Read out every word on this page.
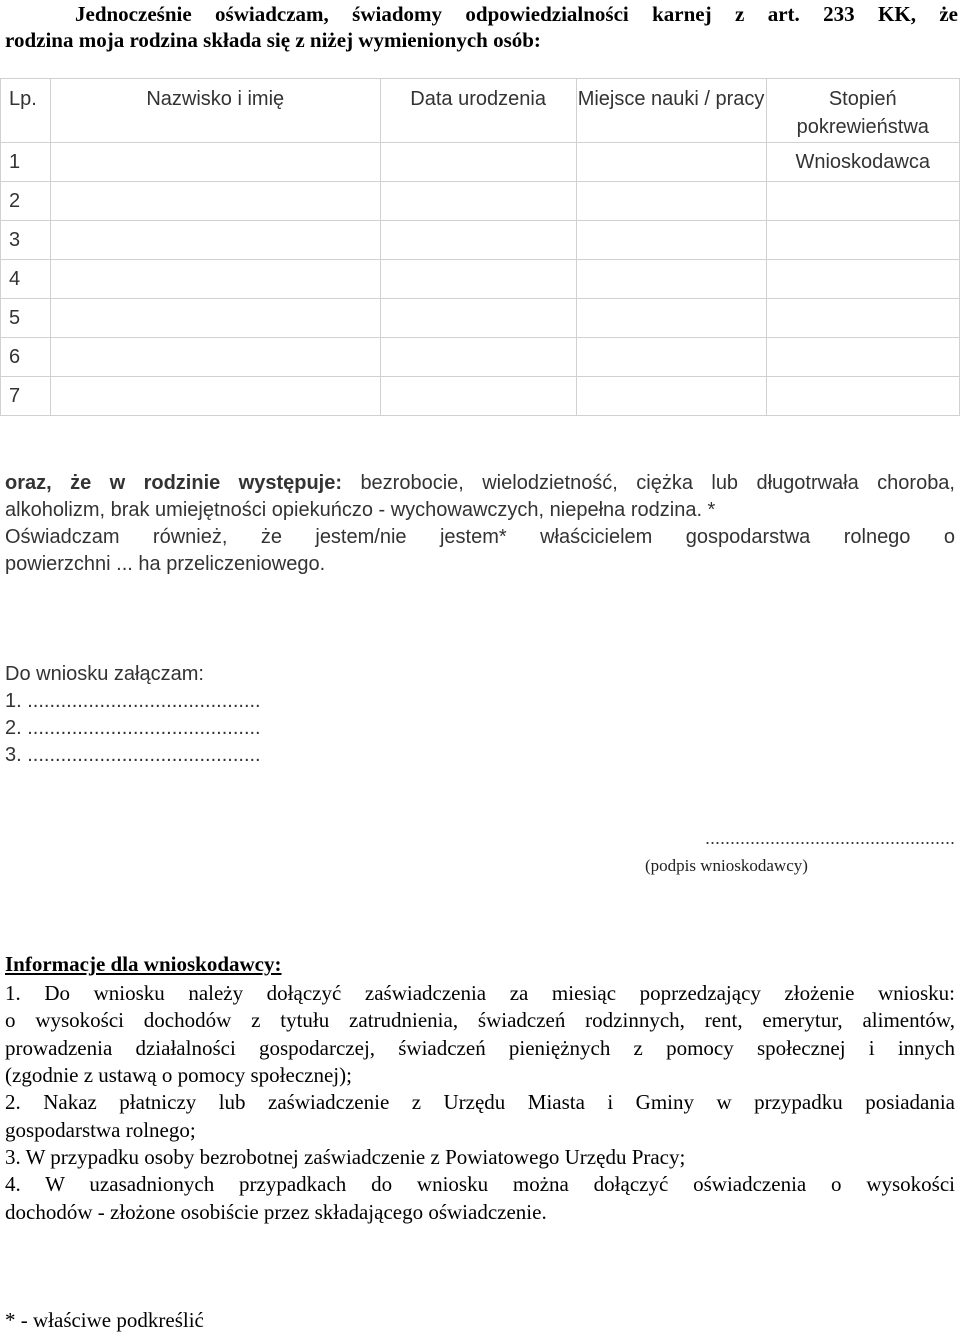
Jednocześnie oświadczam, świadomy odpowiedzialności karnej z art. 233 KK, że
rodzina moja rodzina składa się z niżej wymienionych osób:
Lp.	Nazwisko i imię	Data urodzenia	Miejsce nauki / pracy	Stopień pokrewieństwa
1				Wnioskodawca
2				
3				
4				
5				
6				
7				
oraz, że w rodzinie występuje: bezrobocie, wielodzietność, ciężka lub długotrwała choroba,
alkoholizm, brak umiejętności opiekuńczo - wychowawczych, niepełna rodzina. *
Oświadczam również, że jestem/nie jestem* właścicielem gospodarstwa rolnego o
powierzchni ... ha przeliczeniowego.
Do wniosku załączam:
1. ..........................................
2. ..........................................
3. ..........................................
..................................................
(podpis wnioskodawcy)
Informacje dla wnioskodawcy:
1. Do wniosku należy dołączyć zaświadczenia za miesiąc poprzedzający złożenie wniosku:
o wysokości dochodów z tytułu zatrudnienia, świadczeń rodzinnych, rent, emerytur, alimentów,
prowadzenia działalności gospodarczej, świadczeń pieniężnych z pomocy społecznej i innych
(zgodnie z ustawą o pomocy społecznej);
2. Nakaz płatniczy lub zaświadczenie z Urzędu Miasta i Gminy w przypadku posiadania
gospodarstwa rolnego;
3. W przypadku osoby bezrobotnej zaświadczenie z Powiatowego Urzędu Pracy;
4. W uzasadnionych przypadkach do wniosku można dołączyć oświadczenia o wysokości
dochodów - złożone osobiście przez składającego oświadczenie.
* - właściwe podkreślić
